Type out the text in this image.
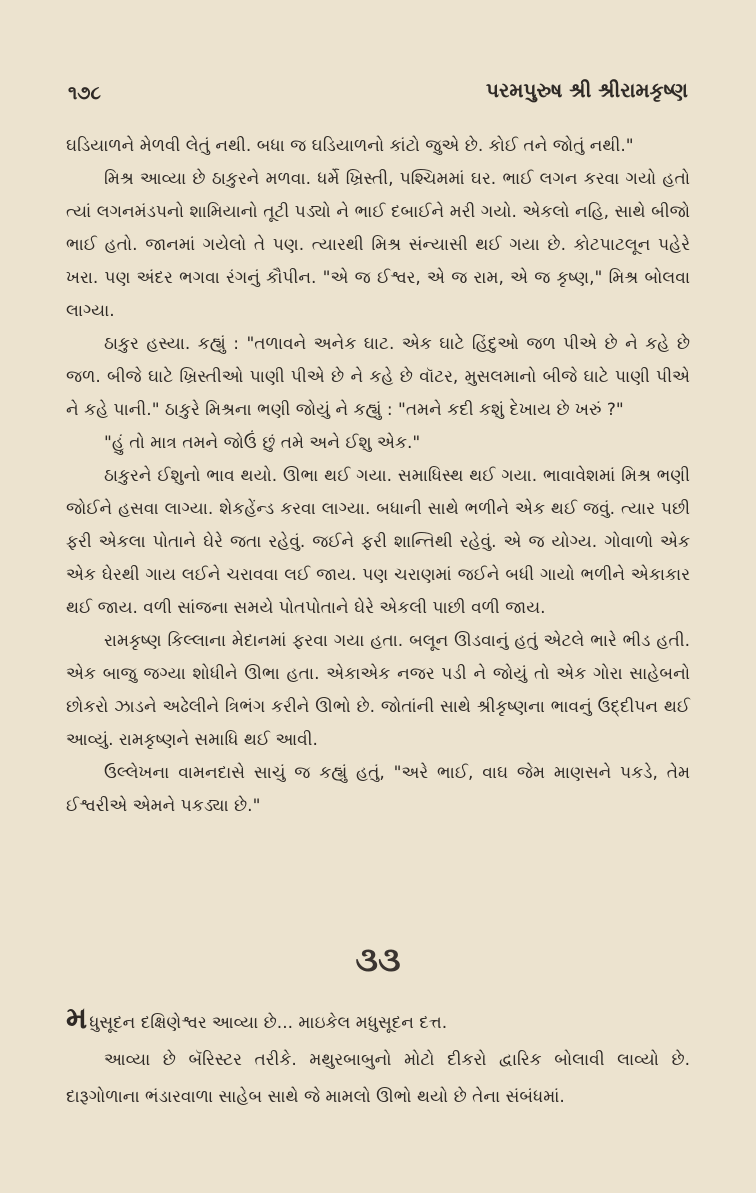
૧૭૮	પરમપુરુષ શ્રી શ્રીરામકૃષ્ણ

ઘડિયાળને મેળવી લેતું નથી. બધા જ ઘડિયાળનો કાંટો જુએ છે. કોઈ તને જોતું નથી."

મિશ્ર આવ્યા છે ઠાકુરને મળવા. ધર્મે ખ્રિસ્તી, પશ્ચિમમાં ઘર. ભાઈ લગન કરવા ગયો હતો ત્યાં લગનમંડપનો શામિયાનો તૂટી પડ્યો ને ભાઈ દબાઈને મરી ગયો. એકલો નહિ, સાથે બીજો ભાઈ હતો. જાનમાં ગયેલો તે પણ. ત્યારથી મિશ્ર સંન્યાસી થઈ ગયા છે. કોટપાટલૂન પહેરે ખરા. પણ અંદર ભગવા રંગનું કૌપીન. "એ જ ઈશ્વર, એ જ રામ, એ જ કૃષ્ણ," મિશ્ર બોલવા લાગ્યા.

ઠાકુર હસ્યા. કહ્યું : "તળાવને અનેક ઘાટ. એક ઘાટે હિંદુઓ જળ પીએ છે ને કહે છે જળ. બીજે ઘાટે ખ્રિસ્તીઓ પાણી પીએ છે ને કહે છે વૉટર, મુસલમાનો બીજે ઘાટે પાણી પીએ ને કહે પાની." ઠાકુરે મિશ્રના ભણી જોયું ને કહ્યું : "તમને કદી કશું દેખાય છે ખરું ?"

"હું તો માત્ર તમને જોઉં છું તમે અને ઈશુ એક."

ઠાકુરને ઈશુનો ભાવ થયો. ઊભા થઈ ગયા. સમાધિસ્થ થઈ ગયા. ભાવાવેશમાં મિશ્ર ભણી જોઈને હસવા લાગ્યા. શેકહેંન્ડ કરવા લાગ્યા. બધાની સાથે ભળીને એક થઈ જવું. ત્યાર પછી ફરી એકલા પોતાને ઘેરે જતા રહેવું. જઈને ફરી શાન્તિથી રહેવું. એ જ યોગ્ય. ગોવાળો એક એક ઘેરથી ગાય લઈને ચરાવવા લઈ જાય. પણ ચરાણમાં જઈને બધી ગાયો ભળીને એકાકાર થઈ જાય. વળી સાંજના સમયે પોતપોતાને ઘેરે એકલી પાછી વળી જાય.

રામકૃષ્ણ કિલ્લાના મેદાનમાં ફરવા ગયા હતા. બલૂન ઊડવાનું હતું એટલે ભારે ભીડ હતી. એક બાજુ જગ્યા શોધીને ઊભા હતા. એકાએક નજર પડી ને જોયું તો એક ગોરા સાહેબનો છોકરો ઝાડને અઢેલીને ત્રિભંગ કરીને ઊભો છે. જોતાંની સાથે શ્રીકૃષ્ણના ભાવનું ઉદ્દીપન થઈ આવ્યું. રામકૃષ્ણને સમાધિ થઈ આવી.

ઉલ્લેખના વામનદાસે સાચું જ કહ્યું હતું, "અરે ભાઈ, વાઘ જેમ માણસને પકડે, તેમ ઈશ્વરીએ એમને પકડ્યા છે."

૩૩

મધુસૂદન દક્ષિણેશ્વર આવ્યા છે... માઇકેલ મધુસૂદન દત્ત.

આવ્યા છે બૅરિસ્ટર તરીકે. મથુરબાબુનો મોટો દીકરો દ્વારિક બોલાવી લાવ્યો છે. દારૂગોળાના ભંડારવાળા સાહેબ સાથે જે મામલો ઊભો થયો છે તેના સંબંધમાં.
